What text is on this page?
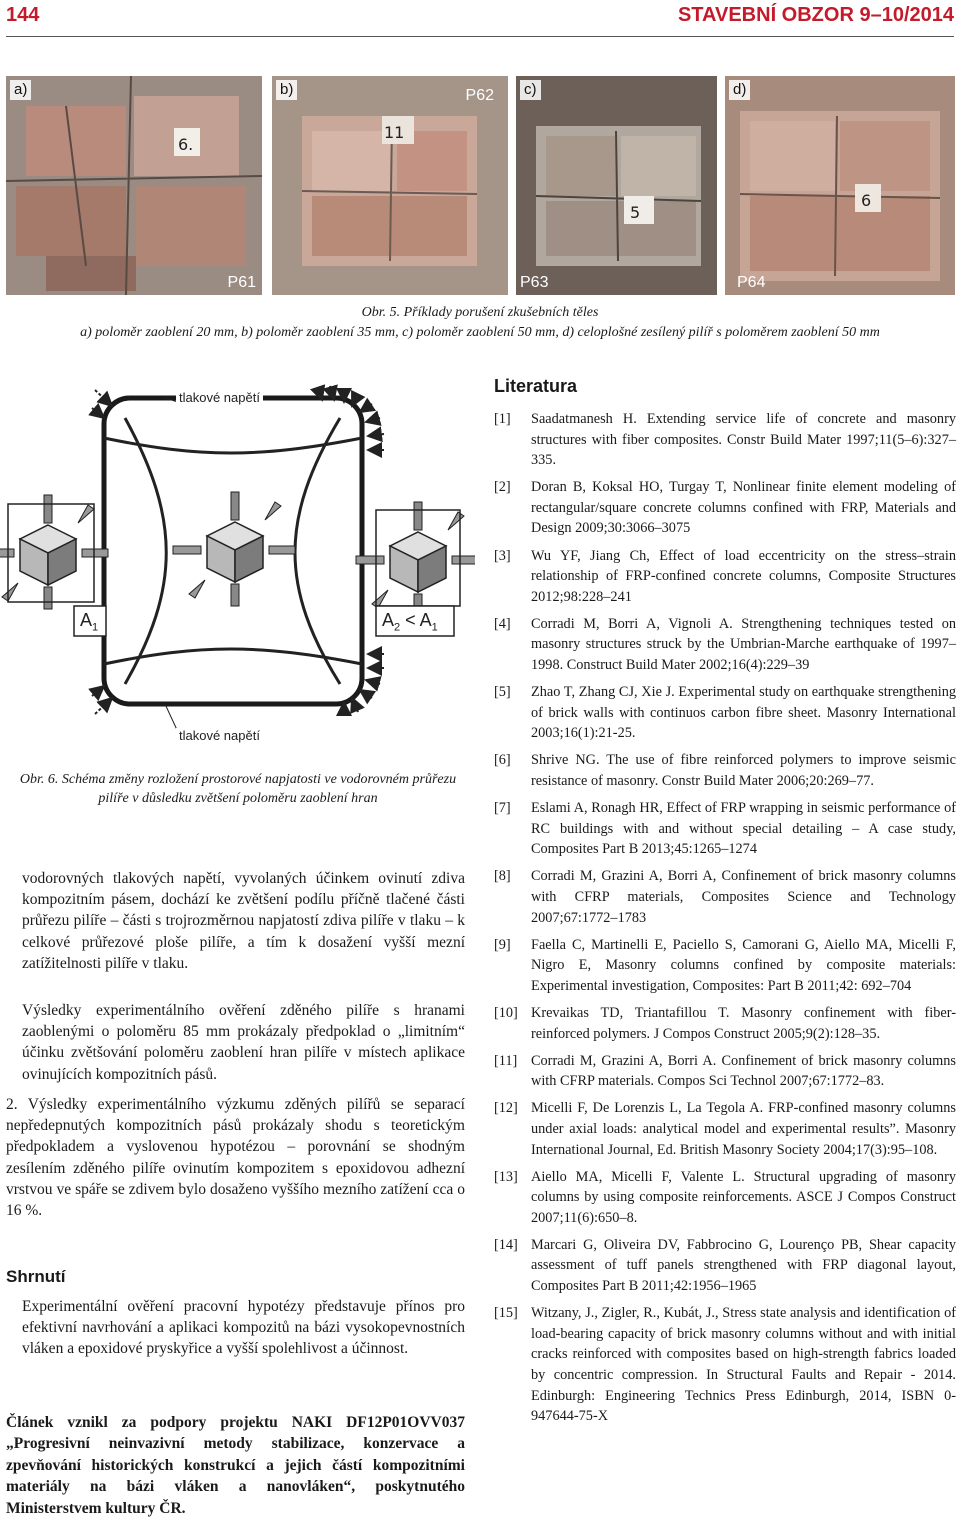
144	STAVEBNÍ OBZOR 9–10/2014
6.
a)
P61
11
b)	P62
5
c)
P63
6
d)
P64
Obr. 5. Příklady porušení zkušebních těles
a) poloměr zaoblení 20 mm, b) poloměr zaoblení 35 mm, c) poloměr zaoblení 50 mm, d) celoplošné zesílený pilíř s poloměrem zaoblení 50 mm
tlakové napětí
tlakové napětí
$A_1$	$A_2 < A_1$
Obr. 6. Schéma změny rozložení prostorové napjatosti ve vodorovném průřezu pilíře v důsledku zvětšení poloměru zaoblení hran
vodorovných tlakových napětí, vyvolaných účinkem ovinutí zdiva kompozitním pásem, dochází ke zvětšení podílu příčně tlačené části průřezu pilíře – části s trojrozměrnou napjatostí zdiva pilíře v tlaku – k celkové průřezové ploše pilíře, a tím k dosažení vyšší mezní zatížitelnosti pilíře v tlaku.
Výsledky experimentálního ověření zděného pilíře s hranami zaoblenými o poloměru 85 mm prokázaly předpoklad o „limitním“ účinku zvětšování poloměru zaoblení hran pilíře v místech aplikace ovinujících kompozitních pásů.
2. Výsledky experimentálního výzkumu zděných pilířů se separací nepředepnutých kompozitních pásů prokázaly shodu s teoretickým předpokladem a vyslovenou hypotézou – porovnání se shodným zesílením zděného pilíře ovinutím kompozitem s epoxidovou adhezní vrstvou ve spáře se zdivem bylo dosaženo vyššího mezního zatížení cca o 16 %.
Shrnutí
Experimentální ověření pracovní hypotézy představuje přínos pro efektivní navrhování a aplikaci kompozitů na bázi vysokopevnostních vláken a epoxidové pryskyřice a vyšší spolehlivost a účinnost.
Článek vznikl za podpory projektu NAKI DF12P01OVV037 „Progresivní neinvazivní metody stabilizace, konzervace a zpevňování historických konstrukcí a jejich částí kompozitními materiály na bázi vláken a nanovláken“, poskytnutého Ministerstvem kultury ČR.
Literatura
[1]	Saadatmanesh H. Extending service life of concrete and masonry structures with fiber composites. Constr Build Mater 1997;11(5–6):327–335.
[2]	Doran B, Koksal HO, Turgay T, Nonlinear finite element modeling of rectangular/square concrete columns confined with FRP, Materials and Design 2009;30:3066–3075
[3]	Wu YF, Jiang Ch, Effect of load eccentricity on the stress–strain relationship of FRP-confined concrete columns, Composite Structures 2012;98:228–241
[4]	Corradi M, Borri A, Vignoli A. Strengthening techniques tested on masonry structures struck by the Umbrian-Marche earthquake of 1997–1998. Construct Build Mater 2002;16(4):229–39
[5]	Zhao T, Zhang CJ, Xie J. Experimental study on earthquake strengthening of brick walls with continuos carbon fibre sheet. Masonry International 2003;16(1):21-25.
[6]	Shrive NG. The use of fibre reinforced polymers to improve seismic resistance of masonry. Constr Build Mater 2006;20:269–77.
[7]	Eslami A, Ronagh HR, Effect of FRP wrapping in seismic performance of RC buildings with and without special detailing – A case study, Composites Part B 2013;45:1265–1274
[8]	Corradi M, Grazini A, Borri A, Confinement of brick masonry columns with CFRP materials, Composites Science and Technology 2007;67:1772–1783
[9]	Faella C, Martinelli E, Paciello S, Camorani G, Aiello MA, Micelli F, Nigro E, Masonry columns confined by composite materials: Experimental investigation, Composites: Part B 2011;42: 692–704
[10] Krevaikas TD, Triantafillou T. Masonry confinement with fiber-reinforced polymers. J Compos Construct 2005;9(2):128–35.
[11] Corradi M, Grazini A, Borri A. Confinement of brick masonry columns with CFRP materials. Compos Sci Technol 2007;67:1772–83.
[12] Micelli F, De Lorenzis L, La Tegola A. FRP-confined masonry columns under axial loads: analytical model and experimental results”. Masonry International Journal, Ed. British Masonry Society 2004;17(3):95–108.
[13] Aiello MA, Micelli F, Valente L. Structural upgrading of masonry columns by using composite reinforcements. ASCE J Compos Construct 2007;11(6):650–8.
[14] Marcari G, Oliveira DV, Fabbrocino G, Lourenço PB, Shear capacity assessment of tuff panels strengthened with FRP diagonal layout, Composites Part B 2011;42:1956–1965
[15] Witzany, J., Zigler, R., Kubát, J., Stress state analysis and identification of load-bearing capacity of brick masonry columns without and with initial cracks reinforced with composites based on high-strength fabrics loaded by concentric compression. In Structural Faults and Repair - 2014. Edinburgh: Engineering Technics Press Edinburgh, 2014, ISBN 0-947644-75-X
